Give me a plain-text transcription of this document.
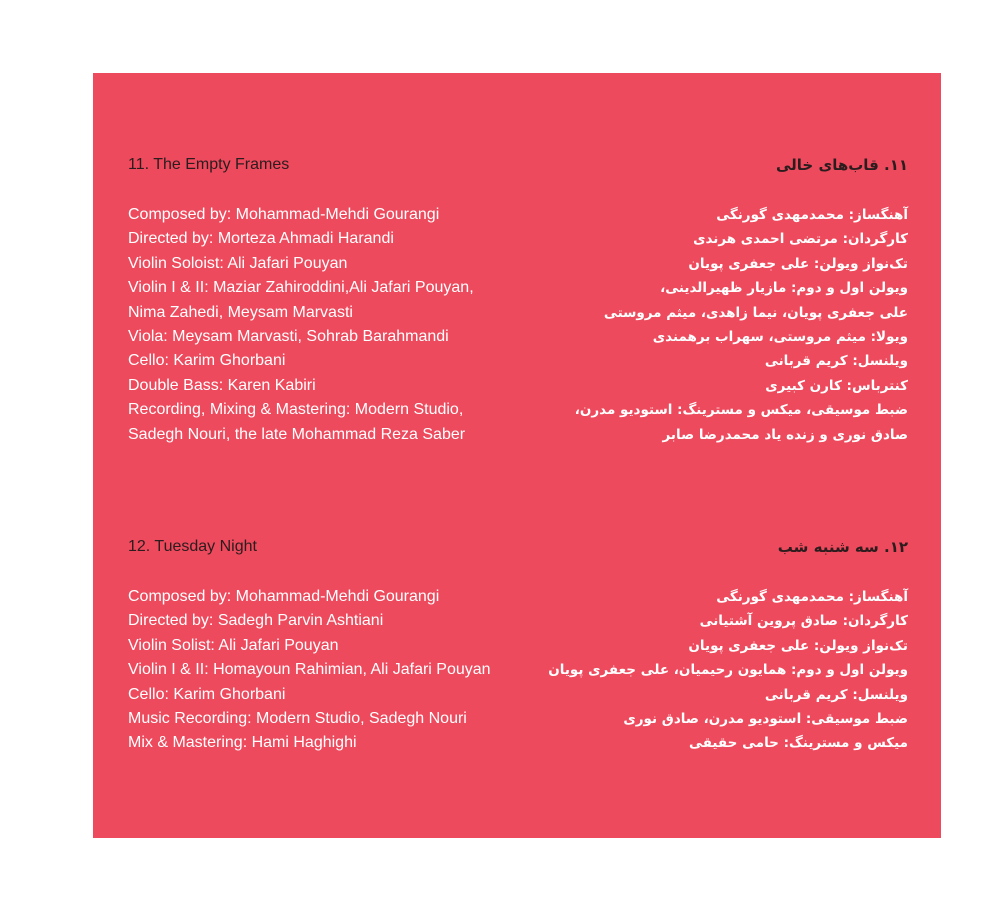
11. The Empty Frames
Composed by: Mohammad-Mehdi Gourangi
Directed by: Morteza Ahmadi Harandi
Violin Soloist: Ali Jafari Pouyan
Violin I & II: Maziar Zahiroddini,Ali Jafari Pouyan,
Nima Zahedi, Meysam Marvasti
Viola: Meysam Marvasti, Sohrab Barahmandi
Cello: Karim Ghorbani
Double Bass: Karen Kabiri
Recording, Mixing & Mastering: Modern Studio,
Sadegh Nouri, the late Mohammad Reza Saber
۱۱. قاب‌های خالی
آهنگساز: محمدمهدی گورنگی
کارگردان: مرتضی احمدی هرندی
تک‌نواز ویولن: علی جعفری پویان
ویولن اول و دوم: مازیار ظهیرالدینی،
علی جعفری پویان، نیما زاهدی، میثم مروستی
ویولا: میثم مروستی، سهراب برهمندی
ویلنسل: کریم قربانی
کنترباس: کارن کبیری
ضبط موسیقی، میکس و مسترینگ: استودیو مدرن،
صادق نوری و زنده یاد محمدرضا صابر
12. Tuesday Night
Composed by: Mohammad-Mehdi Gourangi
Directed by: Sadegh Parvin Ashtiani
Violin Solist: Ali Jafari Pouyan
Violin I & II: Homayoun Rahimian, Ali Jafari Pouyan
Cello: Karim Ghorbani
Music Recording: Modern Studio, Sadegh Nouri
Mix & Mastering: Hami Haghighi
۱۲. سه شنبه شب
آهنگساز: محمدمهدی گورنگی
کارگردان: صادق پروین آشتیانی
تک‌نواز ویولن: علی جعفری پویان
ویولن اول و دوم: همایون رحیمیان، علی جعفری پویان
ویلنسل: کریم قربانی
ضبط موسیقی: استودیو مدرن، صادق نوری
میکس و مسترینگ: حامی حقیقی
